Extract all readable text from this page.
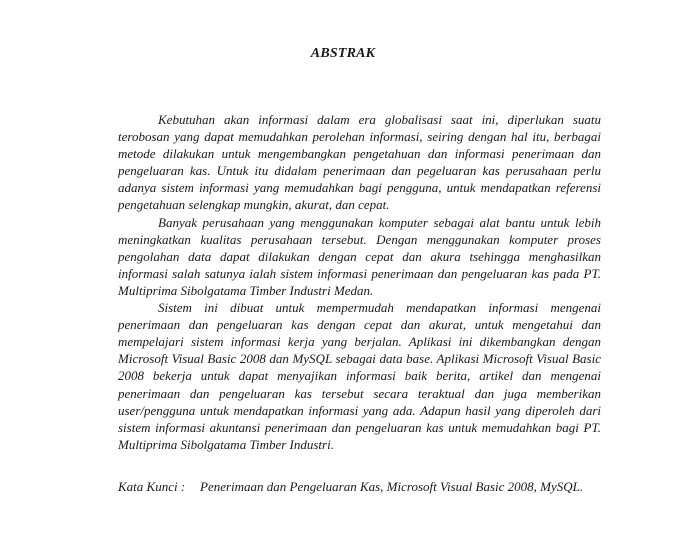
ABSTRAK

Kebutuhan akan informasi dalam era globalisasi saat ini, diperlukan suatu terobosan yang dapat memudahkan perolehan informasi, seiring dengan hal itu, berbagai metode dilakukan untuk mengembangkan pengetahuan dan informasi penerimaan dan pengeluaran kas. Untuk itu didalam penerimaan dan pegeluaran kas perusahaan perlu adanya sistem informasi yang memudahkan bagi pengguna, untuk mendapatkan referensi pengetahuan selengkap mungkin, akurat, dan cepat.

Banyak perusahaan yang menggunakan komputer sebagai alat bantu untuk lebih meningkatkan kualitas perusahaan tersebut. Dengan menggunakan komputer proses pengolahan data dapat dilakukan dengan cepat dan akura tsehingga menghasilkan informasi salah satunya ialah sistem informasi penerimaan dan pengeluaran kas pada PT. Multiprima Sibolgatama Timber Industri Medan.

Sistem ini dibuat untuk mempermudah mendapatkan informasi mengenai penerimaan dan pengeluaran kas dengan cepat dan akurat, untuk mengetahui dan mempelajari sistem informasi kerja yang berjalan. Aplikasi ini dikembangkan dengan Microsoft Visual Basic 2008 dan MySQL sebagai data base. Aplikasi Microsoft Visual Basic 2008 bekerja untuk dapat menyajikan informasi baik berita, artikel dan mengenai penerimaan dan pengeluaran kas tersebut secara teraktual dan juga memberikan user/pengguna untuk mendapatkan informasi yang ada. Adapun hasil yang diperoleh dari sistem informasi akuntansi penerimaan dan pengeluaran kas untuk memudahkan bagi PT. Multiprima Sibolgatama Timber Industri.

Kata Kunci :	Penerimaan dan Pengeluaran Kas, Microsoft Visual Basic 2008, MySQL.
